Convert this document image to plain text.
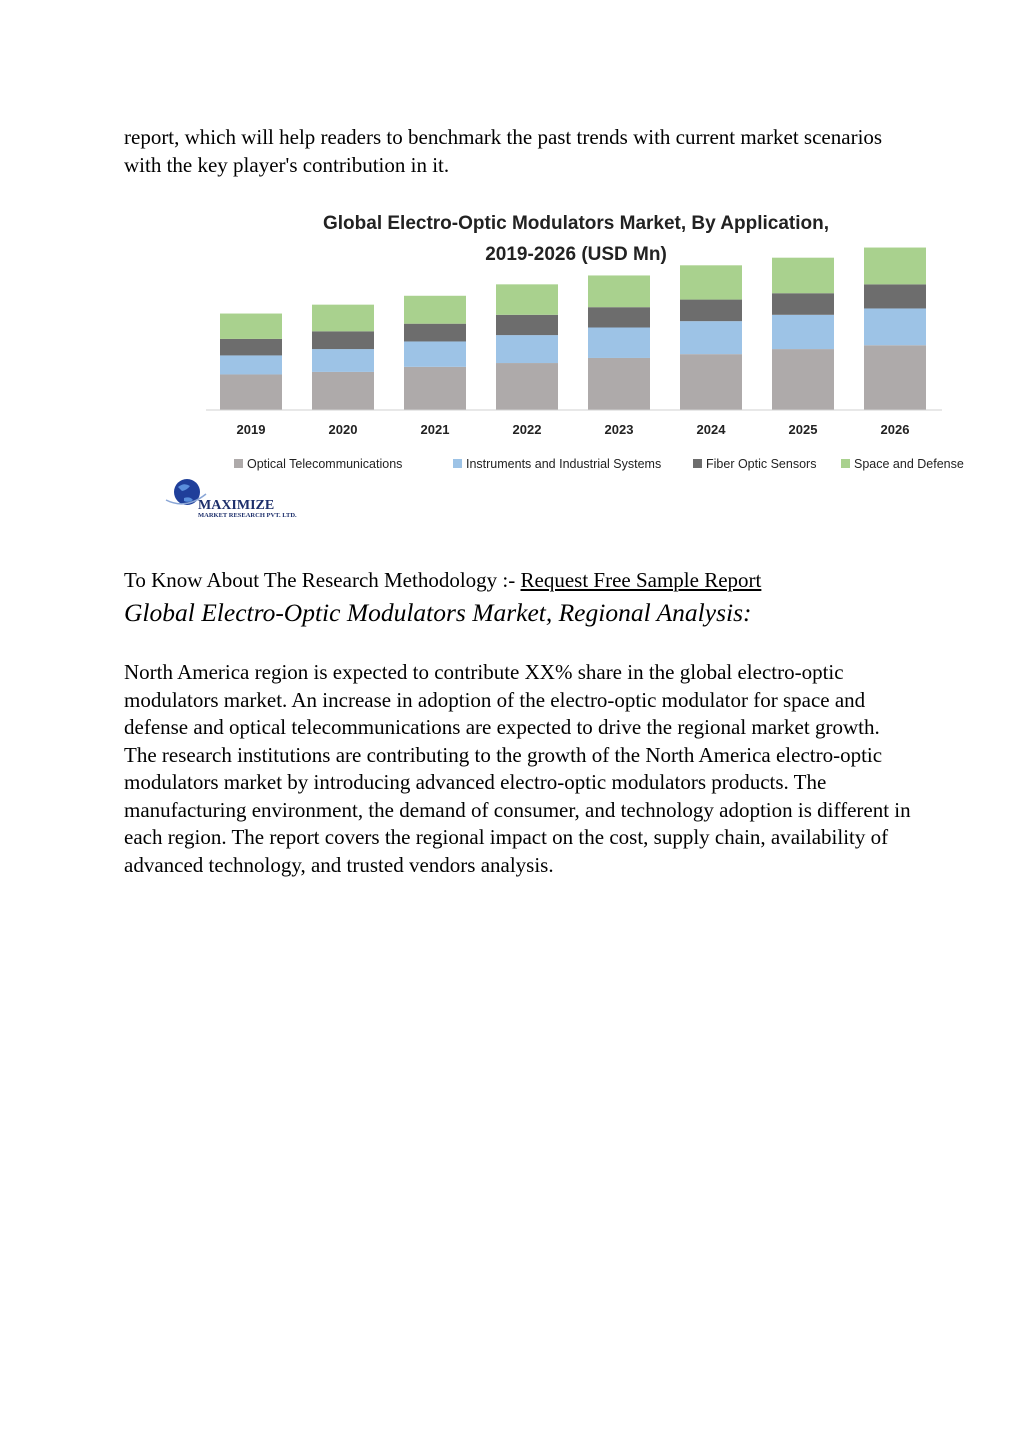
report, which will help readers to benchmark the past trends with current market scenarios with the key player's contribution in it.

Global Electro-Optic Modulators Market, By Application,
2019-2026 (USD Mn)
2019	2020	2021	2022	2023	2024	2025	2026
Optical Telecommunications	Instruments and Industrial Systems	Fiber Optic Sensors	Space and Defense
MAXIMIZE
MARKET RESEARCH PVT. LTD.
To Know About The Research Methodology :- Request Free Sample Report
Global Electro-Optic Modulators Market, Regional Analysis:

North America region is expected to contribute XX% share in the global electro-optic modulators market. An increase in adoption of the electro-optic modulator for space and defense and optical telecommunications are expected to drive the regional market growth. The research institutions are contributing to the growth of the North America electro-optic modulators market by introducing advanced electro-optic modulators products. The manufacturing environment, the demand of consumer, and technology adoption is different in each region. The report covers the regional impact on the cost, supply chain, availability of advanced technology, and trusted vendors analysis.
